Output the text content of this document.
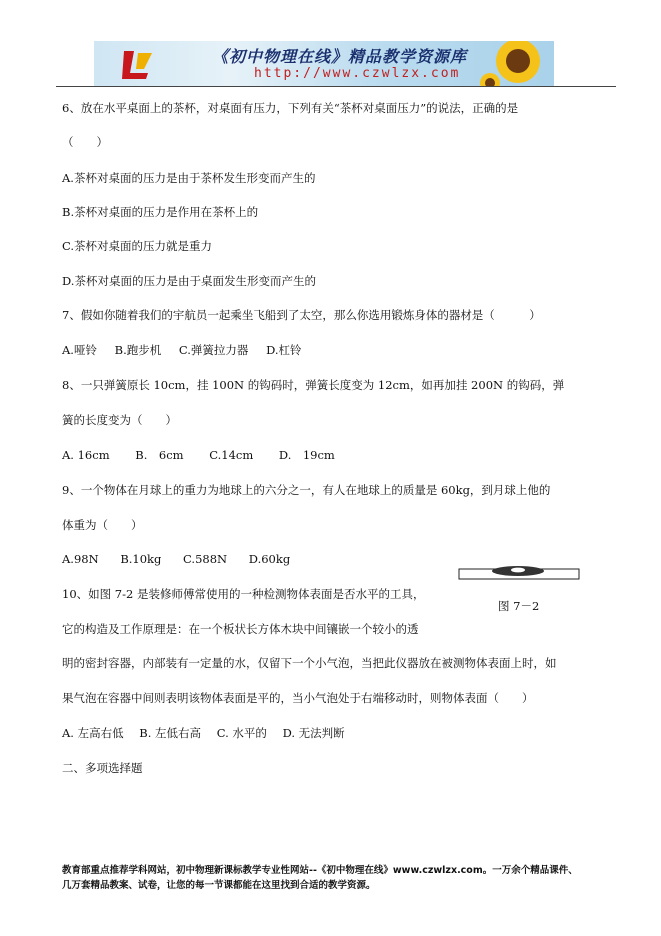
《初中物理在线》精品教学资源库
http://www.czwlzx.com
6、放在水平桌面上的茶杯，对桌面有压力，下列有关“茶杯对桌面压力”的说法，正确的是
（　　）
A.茶杯对桌面的压力是由于茶杯发生形变而产生的
B.茶杯对桌面的压力是作用在茶杯上的
C.茶杯对桌面的压力就是重力
D.茶杯对桌面的压力是由于桌面发生形变而产生的
7、假如你随着我们的宇航员一起乘坐飞船到了太空，那么你选用锻炼身体的器材是（　　　）
A.哑铃 B.跑步机 C.弹簧拉力器 D.杠铃
8、一只弹簧原长 10cm，挂 100N 的钩码时，弹簧长度变为 12cm，如再加挂 200N 的钩码，弹
簧的长度变为（　　）
A. 16cm B.　6cm C.14cm D.　19cm
9、一个物体在月球上的重力为地球上的六分之一，有人在地球上的质量是 60kg，到月球上他的
体重为（　　）
A.98N B.10kg C.588N D.60kg
图 7－2
10、如图 7-2 是装修师傅常使用的一种检测物体表面是否水平的工具，
它的构造及工作原理是：在一个板状长方体木块中间镶嵌一个较小的透
明的密封容器，内部装有一定量的水，仅留下一个小气泡，当把此仪器放在被测物体表面上时，如
果气泡在容器中间则表明该物体表面是平的，当小气泡处于右端移动时，则物体表面（　　）
A. 左高右低 B. 左低右高 C. 水平的 D. 无法判断
二、多项选择题
教育部重点推荐学科网站，初中物理新课标教学专业性网站--《初中物理在线》www.czwlzx.com。一万余个精品课件、
几万套精品教案、试卷，让您的每一节课都能在这里找到合适的教学资源。
